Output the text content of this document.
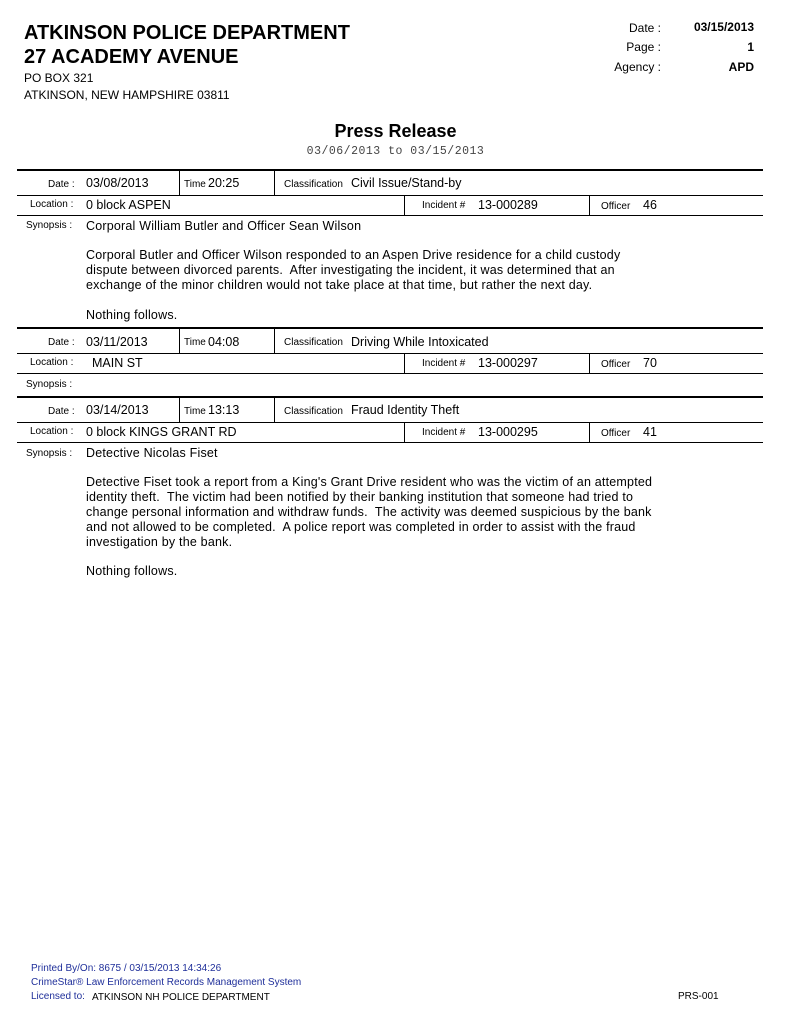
ATKINSON POLICE DEPARTMENT
27 ACADEMY AVENUE
PO BOX 321
ATKINSON, NEW HAMPSHIRE 03811
Date :	03/15/2013
Page :	1
Agency :	APD
Press Release
03/06/2013 to 03/15/2013
Date : 03/08/2013	Time 20:25	Classification Civil Issue/Stand-by
Location : 0 block ASPEN	Incident # 13-000289	Officer 46
Synopsis : Corporal William Butler and Officer Sean Wilson
Corporal Butler and Officer Wilson responded to an Aspen Drive residence for a child custody
dispute between divorced parents.  After investigating the incident, it was determined that an
exchange of the minor children would not take place at that time, but rather the next day.
Nothing follows.
Date : 03/11/2013	Time 04:08	Classification Driving While Intoxicated
Location : MAIN ST	Incident # 13-000297	Officer 70
Synopsis :
Date : 03/14/2013	Time 13:13	Classification Fraud Identity Theft
Location : 0 block KINGS GRANT RD	Incident # 13-000295	Officer 41
Synopsis : Detective Nicolas Fiset
Detective Fiset took a report from a King's Grant Drive resident who was the victim of an attempted
identity theft.  The victim had been notified by their banking institution that someone had tried to
change personal information and withdraw funds.  The activity was deemed suspicious by the bank
and not allowed to be completed.  A police report was completed in order to assist with the fraud
investigation by the bank.
Nothing follows.
Printed By/On: 8675 / 03/15/2013 14:34:26
CrimeStar® Law Enforcement Records Management System
Licensed to: ATKINSON NH POLICE DEPARTMENT	PRS-001
